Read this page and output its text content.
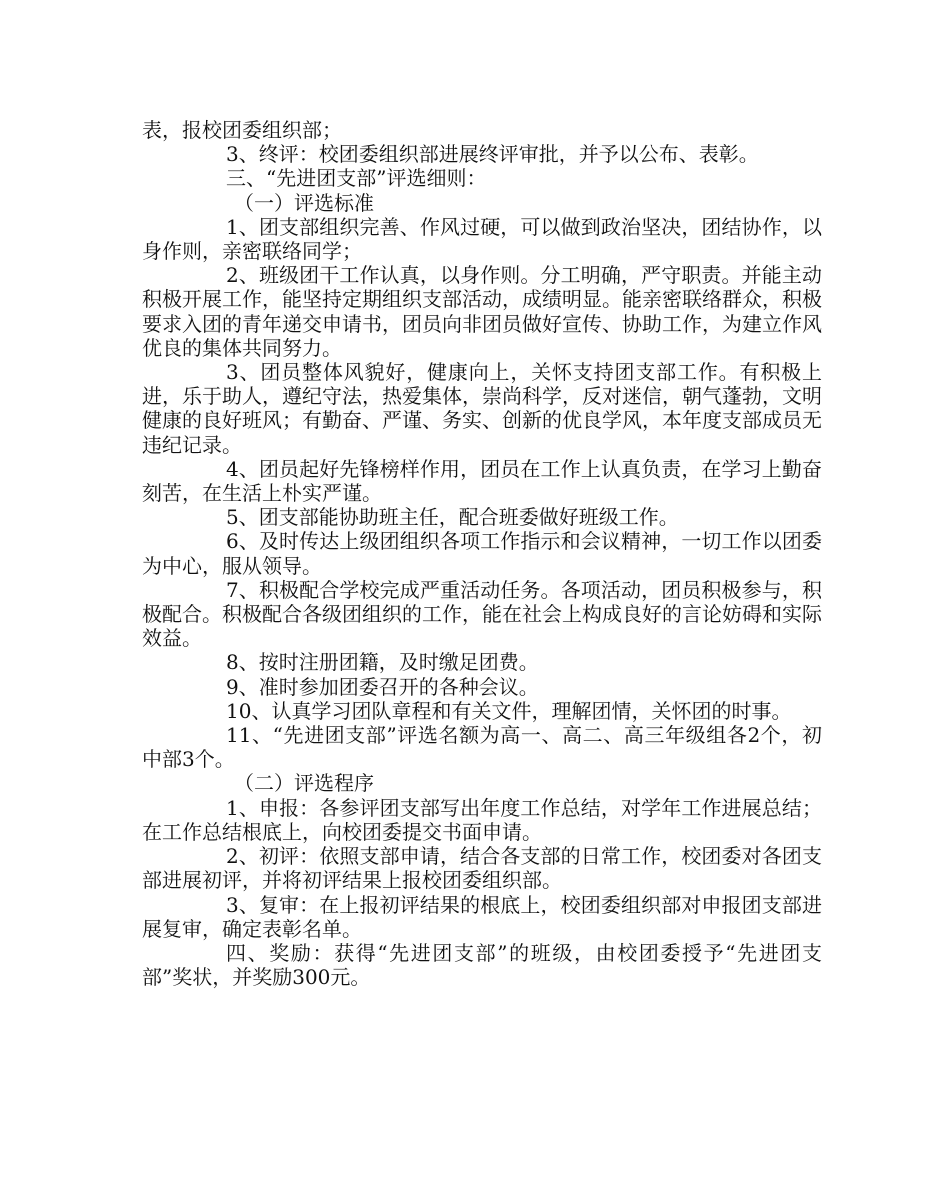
表，报校团委组织部；

3、终评：校团委组织部进展终评审批，并予以公布、表彰。

三、“先进团支部”评选细则：

（一）评选标准

1、团支部组织完善、作风过硬，可以做到政治坚决，团结协作，以身作则，亲密联络同学；

2、班级团干工作认真，以身作则。分工明确，严守职责。并能主动积极开展工作，能坚持定期组织支部活动，成绩明显。能亲密联络群众，积极要求入团的青年递交申请书，团员向非团员做好宣传、协助工作，为建立作风优良的集体共同努力。

3、团员整体风貌好，健康向上，关怀支持团支部工作。有积极上进，乐于助人，遵纪守法，热爱集体，崇尚科学，反对迷信，朝气蓬勃，文明健康的良好班风；有勤奋、严谨、务实、创新的优良学风，本年度支部成员无违纪记录。

4、团员起好先锋榜样作用，团员在工作上认真负责，在学习上勤奋刻苦，在生活上朴实严谨。

5、团支部能协助班主任，配合班委做好班级工作。

6、及时传达上级团组织各项工作指示和会议精神，一切工作以团委为中心，服从领导。

7、积极配合学校完成严重活动任务。各项活动，团员积极参与，积极配合。积极配合各级团组织的工作，能在社会上构成良好的言论妨碍和实际效益。

8、按时注册团籍，及时缴足团费。

9、准时参加团委召开的各种会议。

10、认真学习团队章程和有关文件，理解团情，关怀团的时事。

11、“先进团支部”评选名额为高一、高二、高三年级组各2个，初中部3个。

（二）评选程序

1、申报：各参评团支部写出年度工作总结，对学年工作进展总结；在工作总结根底上，向校团委提交书面申请。

2、初评：依照支部申请，结合各支部的日常工作，校团委对各团支部进展初评，并将初评结果上报校团委组织部。

3、复审：在上报初评结果的根底上，校团委组织部对申报团支部进展复审，确定表彰名单。

四、奖励：获得“先进团支部”的班级，由校团委授予“先进团支部”奖状，并奖励300元。
